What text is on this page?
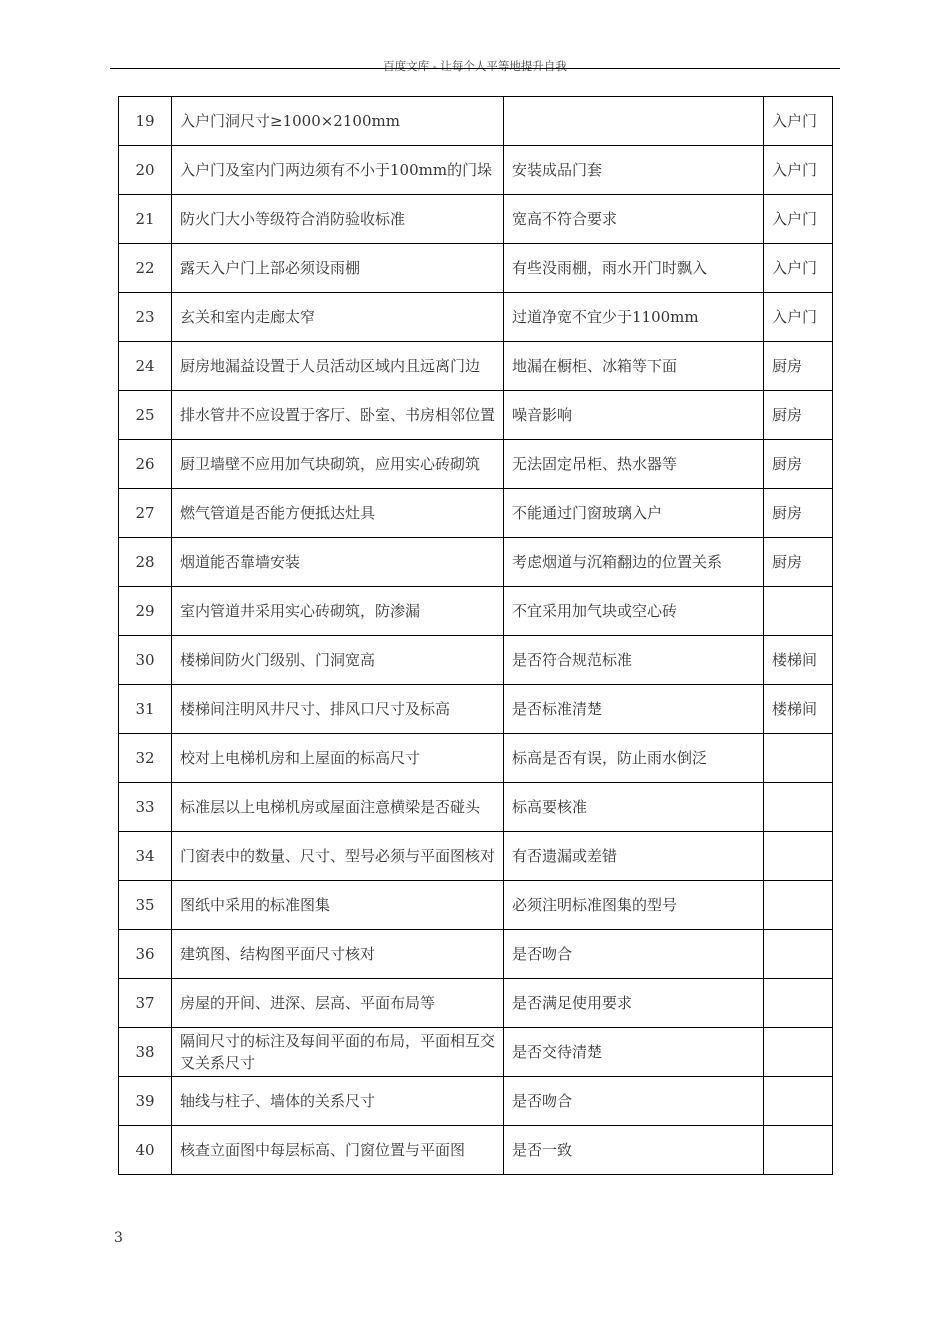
百度文库 - 让每个人平等地提升自我
19	入户门洞尺寸≥1000×2100mm		入户门
20	入户门及室内门两边须有不小于100mm的门垛	安装成品门套	入户门
21	防火门大小等级符合消防验收标准	宽高不符合要求	入户门
22	露天入户门上部必须设雨棚	有些没雨棚，雨水开门时飘入	入户门
23	玄关和室内走廊太窄	过道净宽不宜少于1100mm	入户门
24	厨房地漏益设置于人员活动区域内且远离门边	地漏在橱柜、冰箱等下面	厨房
25	排水管井不应设置于客厅、卧室、书房相邻位置	噪音影响	厨房
26	厨卫墙壁不应用加气块砌筑，应用实心砖砌筑	无法固定吊柜、热水器等	厨房
27	燃气管道是否能方便抵达灶具	不能通过门窗玻璃入户	厨房
28	烟道能否靠墙安装	考虑烟道与沉箱翻边的位置关系	厨房
29	室内管道井采用实心砖砌筑，防渗漏	不宜采用加气块或空心砖	
30	楼梯间防火门级别、门洞宽高	是否符合规范标准	楼梯间
31	楼梯间注明风井尺寸、排风口尺寸及标高	是否标准清楚	楼梯间
32	校对上电梯机房和上屋面的标高尺寸	标高是否有误，防止雨水倒泛	
33	标准层以上电梯机房或屋面注意横梁是否碰头	标高要核准	
34	门窗表中的数量、尺寸、型号必须与平面图核对	有否遗漏或差错	
35	图纸中采用的标准图集	必须注明标准图集的型号	
36	建筑图、结构图平面尺寸核对	是否吻合	
37	房屋的开间、进深、层高、平面布局等	是否满足使用要求	
38	隔间尺寸的标注及每间平面的布局，平面相互交叉关系尺寸	是否交待清楚	
39	轴线与柱子、墙体的关系尺寸	是否吻合	
40	核查立面图中每层标高、门窗位置与平面图	是否一致	
3
